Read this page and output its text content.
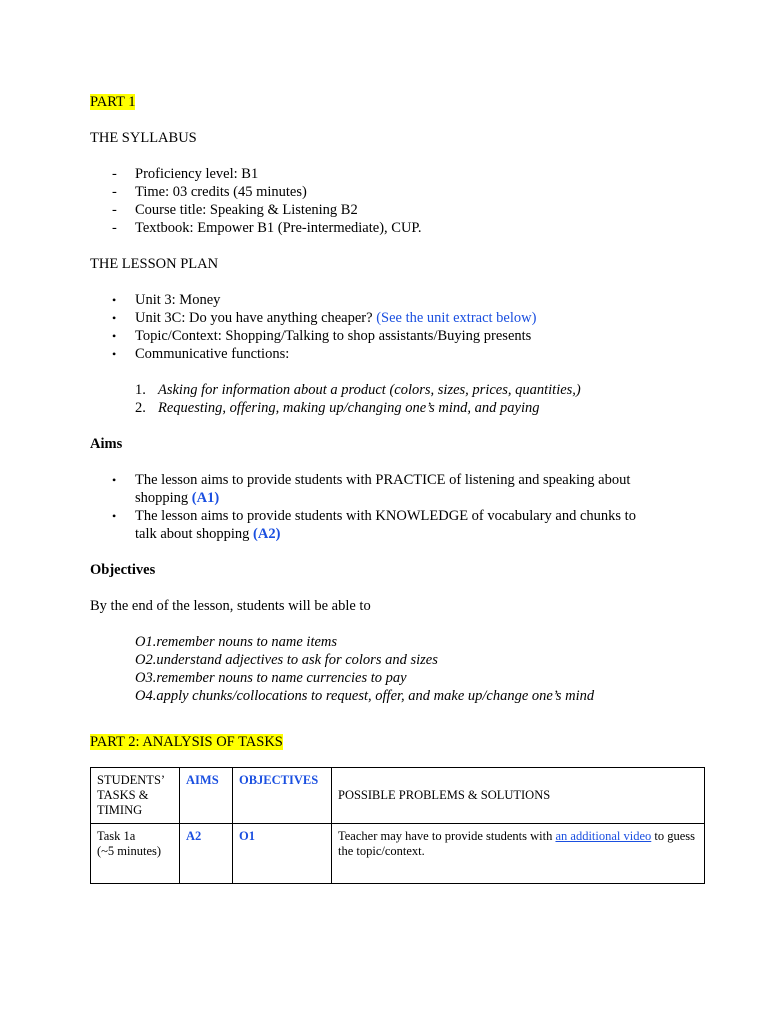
PART 1
THE SYLLABUS
- Proficiency level: B1
- Time: 03 credits (45 minutes)
- Course title: Speaking & Listening B2
- Textbook: Empower B1 (Pre-intermediate), CUP.
THE LESSON PLAN
• Unit 3: Money
• Unit 3C: Do you have anything cheaper? (See the unit extract below)
• Topic/Context: Shopping/Talking to shop assistants/Buying presents
• Communicative functions:
1. Asking for information about a product (colors, sizes, prices, quantities,)
2. Requesting, offering, making up/changing one’s mind, and paying
Aims
• The lesson aims to provide students with PRACTICE of listening and speaking about
shopping (A1)
• The lesson aims to provide students with KNOWLEDGE of vocabulary and chunks to
talk about shopping (A2)
Objectives
By the end of the lesson, students will be able to
O1.remember nouns to name items
O2.understand adjectives to ask for colors and sizes
O3.remember nouns to name currencies to pay
O4.apply chunks/collocations to request, offer, and make up/change one’s mind
PART 2: ANALYSIS OF TASKS
STUDENTS’
TASKS &
TIMING	AIMS	OBJECTIVES	POSSIBLE PROBLEMS & SOLUTIONS

Task 1a
(~5 minutes)	A2	O1	Teacher may have to provide students with an additional video to guess the topic/context.
